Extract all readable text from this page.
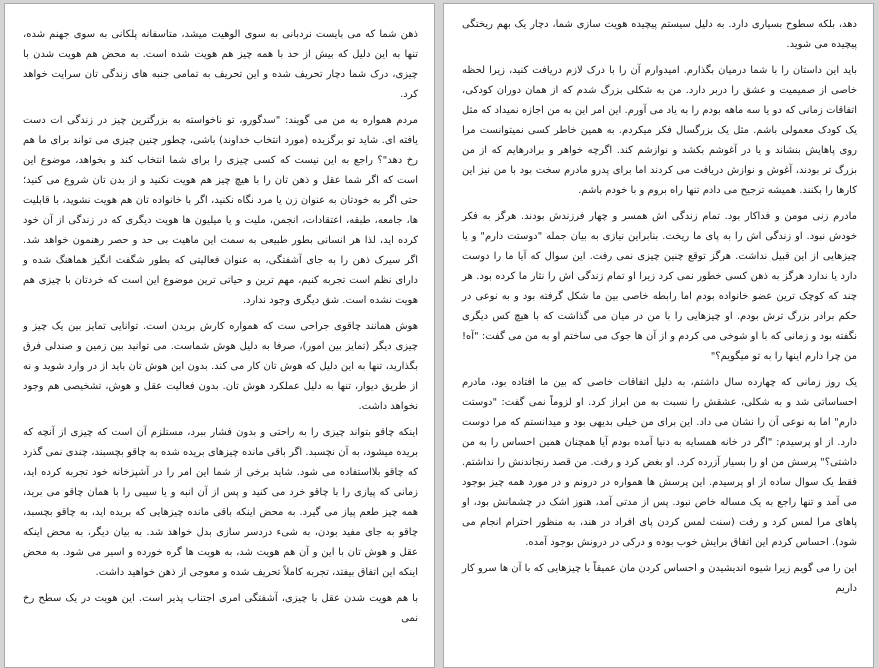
دهد، بلکه سطوح بسیاری دارد. به دلیل سیستم پیچیده هویت سازی شما، دچار یک بهم ریختگی پیچیده می شوید.

باید این داستان را با شما درمیان بگذارم. امیدوارم آن را با درک لازم دریافت کنید، زیرا لحظه خاصی از صمیمیت و عشق را دربر دارد. من به شکلی بزرگ شدم که از همان دوران کودکی، اتفاقات زمانی که دو یا سه ماهه بودم را به یاد می آورم. این امر این به من اجازه نمیداد که مثل یک کودک معمولی باشم. مثل یک بزرگسال فکر میکردم. به همین خاطر کسی نمیتوانست مرا روی پاهایش بنشاند و یا در آغوشم بکشد و نوازشم کند. اگرچه خواهر و برادرهایم که از من بزرگ تر بودند، آغوش و نوازش دریافت می کردند اما برای پدرو مادرم سخت بود با من نیز این کارها را بکنند. همیشه ترجیح می دادم تنها راه بروم و با خودم باشم.

مادرم زنی مومن و فداکار بود. تمام زندگی اش همسر و چهار فرزندش بودند. هرگز به فکر خودش نبود. او زندگی اش را به پای ما ریخت. بنابراین نیازی به بیان جمله "دوستت دارم" و یا چیزهایی از این قبیل نداشت. هرگز توقع چنین چیزی نمی رفت. این سوال که آیا ما را دوست دارد یا ندارد هرگز به ذهن کسی خطور نمی کرد زیرا او تمام زندگی اش را نثار ما کرده بود. هر چند که کوچک ترین عضو خانواده بودم اما رابطه خاصی بین ما شکل گرفته بود و به نوعی در حکم برادر بزرگ ترش بودم. او چیزهایی را با من در میان می گذاشت که با هیچ کس دیگری نگفته بود و زمانی که با او شوخی می کردم و از آن ها جوک می ساختم او به من می گفت: "آه! من چرا دارم اینها را به تو میگویم؟"

یک روز زمانی که چهارده سال داشتم، به دلیل اتفاقات خاصی که بین ما افتاده بود، مادرم احساساتی شد و به شکلی، عشقش را نسبت به من ابراز کرد. او لزوماً نمی گفت: "دوستت دارم" اما به نوعی آن را نشان می داد. این برای من خیلی بدیهی بود و میدانستم که مرا دوست دارد. از او پرسیدم: "اگر در خانه همسایه به دنیا آمده بودم آیا همچنان همین احساس را به من داشتی؟" پرسش من او را بسیار آزرده کرد. او بغض کرد و رفت. من قصد رنجاندنش را نداشتم. فقط یک سوال ساده از او پرسیدم. این پرسش ها همواره در درونم و در مورد همه چیز بوجود می آمد و تنها راجع به یک مساله خاص نبود. پس از مدتی آمد، هنوز اشک در چشمانش بود، او پاهای مرا لمس کرد و رفت (سنت لمس کردن پای افراد در هند، به منظور احترام انجام می شود). احساس کردم این اتفاق برایش خوب بوده و درکی در درونش بوجود آمده.

این را می گویم زیرا شیوه اندیشیدن و احساس کردن مان عمیقاً با چیزهایی که با آن ها سرو کار داریم

ذهن شما که می بایست نردبانی به سوی الوهیت میشد، متاسفانه پلکانی به سوی جهنم شده، تنها به این دلیل که بیش از حد با همه چیز هم هویت شده است. به محض هم هویت شدن با چیزی، درک شما دچار تحریف شده و این تحریف به تمامی جنبه های زندگی تان سرایت خواهد کرد.

مردم همواره به من می گویند: "سدگورو، تو ناخواسته به بزرگترین چیز در زندگی ات دست یافته ای. شاید تو برگزیده (مورد انتخاب خداوند) باشی، چطور چنین چیزی می تواند برای ما هم رخ دهد"؟ راجع به این نیست که کسی چیزی را برای شما انتخاب کند و بخواهد، موضوع این است که اگر شما عقل و ذهن تان را با هیچ چیز هم هویت نکنید و از بدن تان شروع می کنید؛ حتی اگر به خودتان به عنوان زن یا مرد نگاه نکنید، اگر با خانواده تان هم هویت نشوید، با قابلیت ها، جامعه، طبقه، اعتقادات، انجمن، ملیت و یا میلیون ها هویت دیگری که در زندگی از آن خود کرده اید، لذا هر انسانی بطور طبیعی به سمت این ماهیت بی حد و حصر رهنمون خواهد شد. اگر سیرک ذهن را به جای آشفتگی، به عنوان فعالیتی که بطور شگفت انگیز هماهنگ شده و دارای نظم است تجربه کنیم، مهم ترین و حیاتی ترین موضوع این است که خردتان با چیزی هم هویت نشده است. شق دیگری وجود ندارد.

هوش همانند چاقوی جراحی ست که همواره کارش بریدن است. توانایی تمایز بین یک چیز و چیزی دیگر (تمایز بین امور)، صرفا به دلیل هوش شماست. می توانید بین زمین و صندلی فرق بگذارید، تنها به این دلیل که هوش تان کار می کند. بدون این هوش تان باید از در وارد شوید و نه از طریق دیوار، تنها به دلیل عملکرد هوش تان. بدون فعالیت عقل و هوش، تشخیصی هم وجود نخواهد داشت.

اینکه چاقو بتواند چیزی را به راحتی و بدون فشار ببرد، مستلزم آن است که چیزی از آنچه که بریده میشود، به آن نچسبد. اگر باقی مانده چیزهای بریده شده به چاقو بچسبند، چندی نمی گذرد که چاقو بلااستفاده می شود. شاید برخی از شما این امر را در آشپزخانه خود تجربه کرده اید، زمانی که پیازی را با چاقو خرد می کنید و پس از آن انبه و یا سیبی را با همان چاقو می برید، همه چیز طعم پیاز می گیرد. به محض اینکه باقی مانده چیزهایی که بریده اید، به چاقو بچسبد، چاقو به جای مفید بودن، به شیء دردسر سازی بدل خواهد شد. به بیان دیگر، به محض اینکه عقل و هوش تان با این و آن هم هویت شد، به هویت ها گره خورده و اسیر می شود. به محض اینکه این اتفاق بیفتد، تجربه کاملاً تحریف شده و معوجی از ذهن خواهید داشت.

با هم هویت شدن عقل با چیزی، آشفتگی امری اجتناب پذیر است. این هویت در یک سطح رخ نمی
